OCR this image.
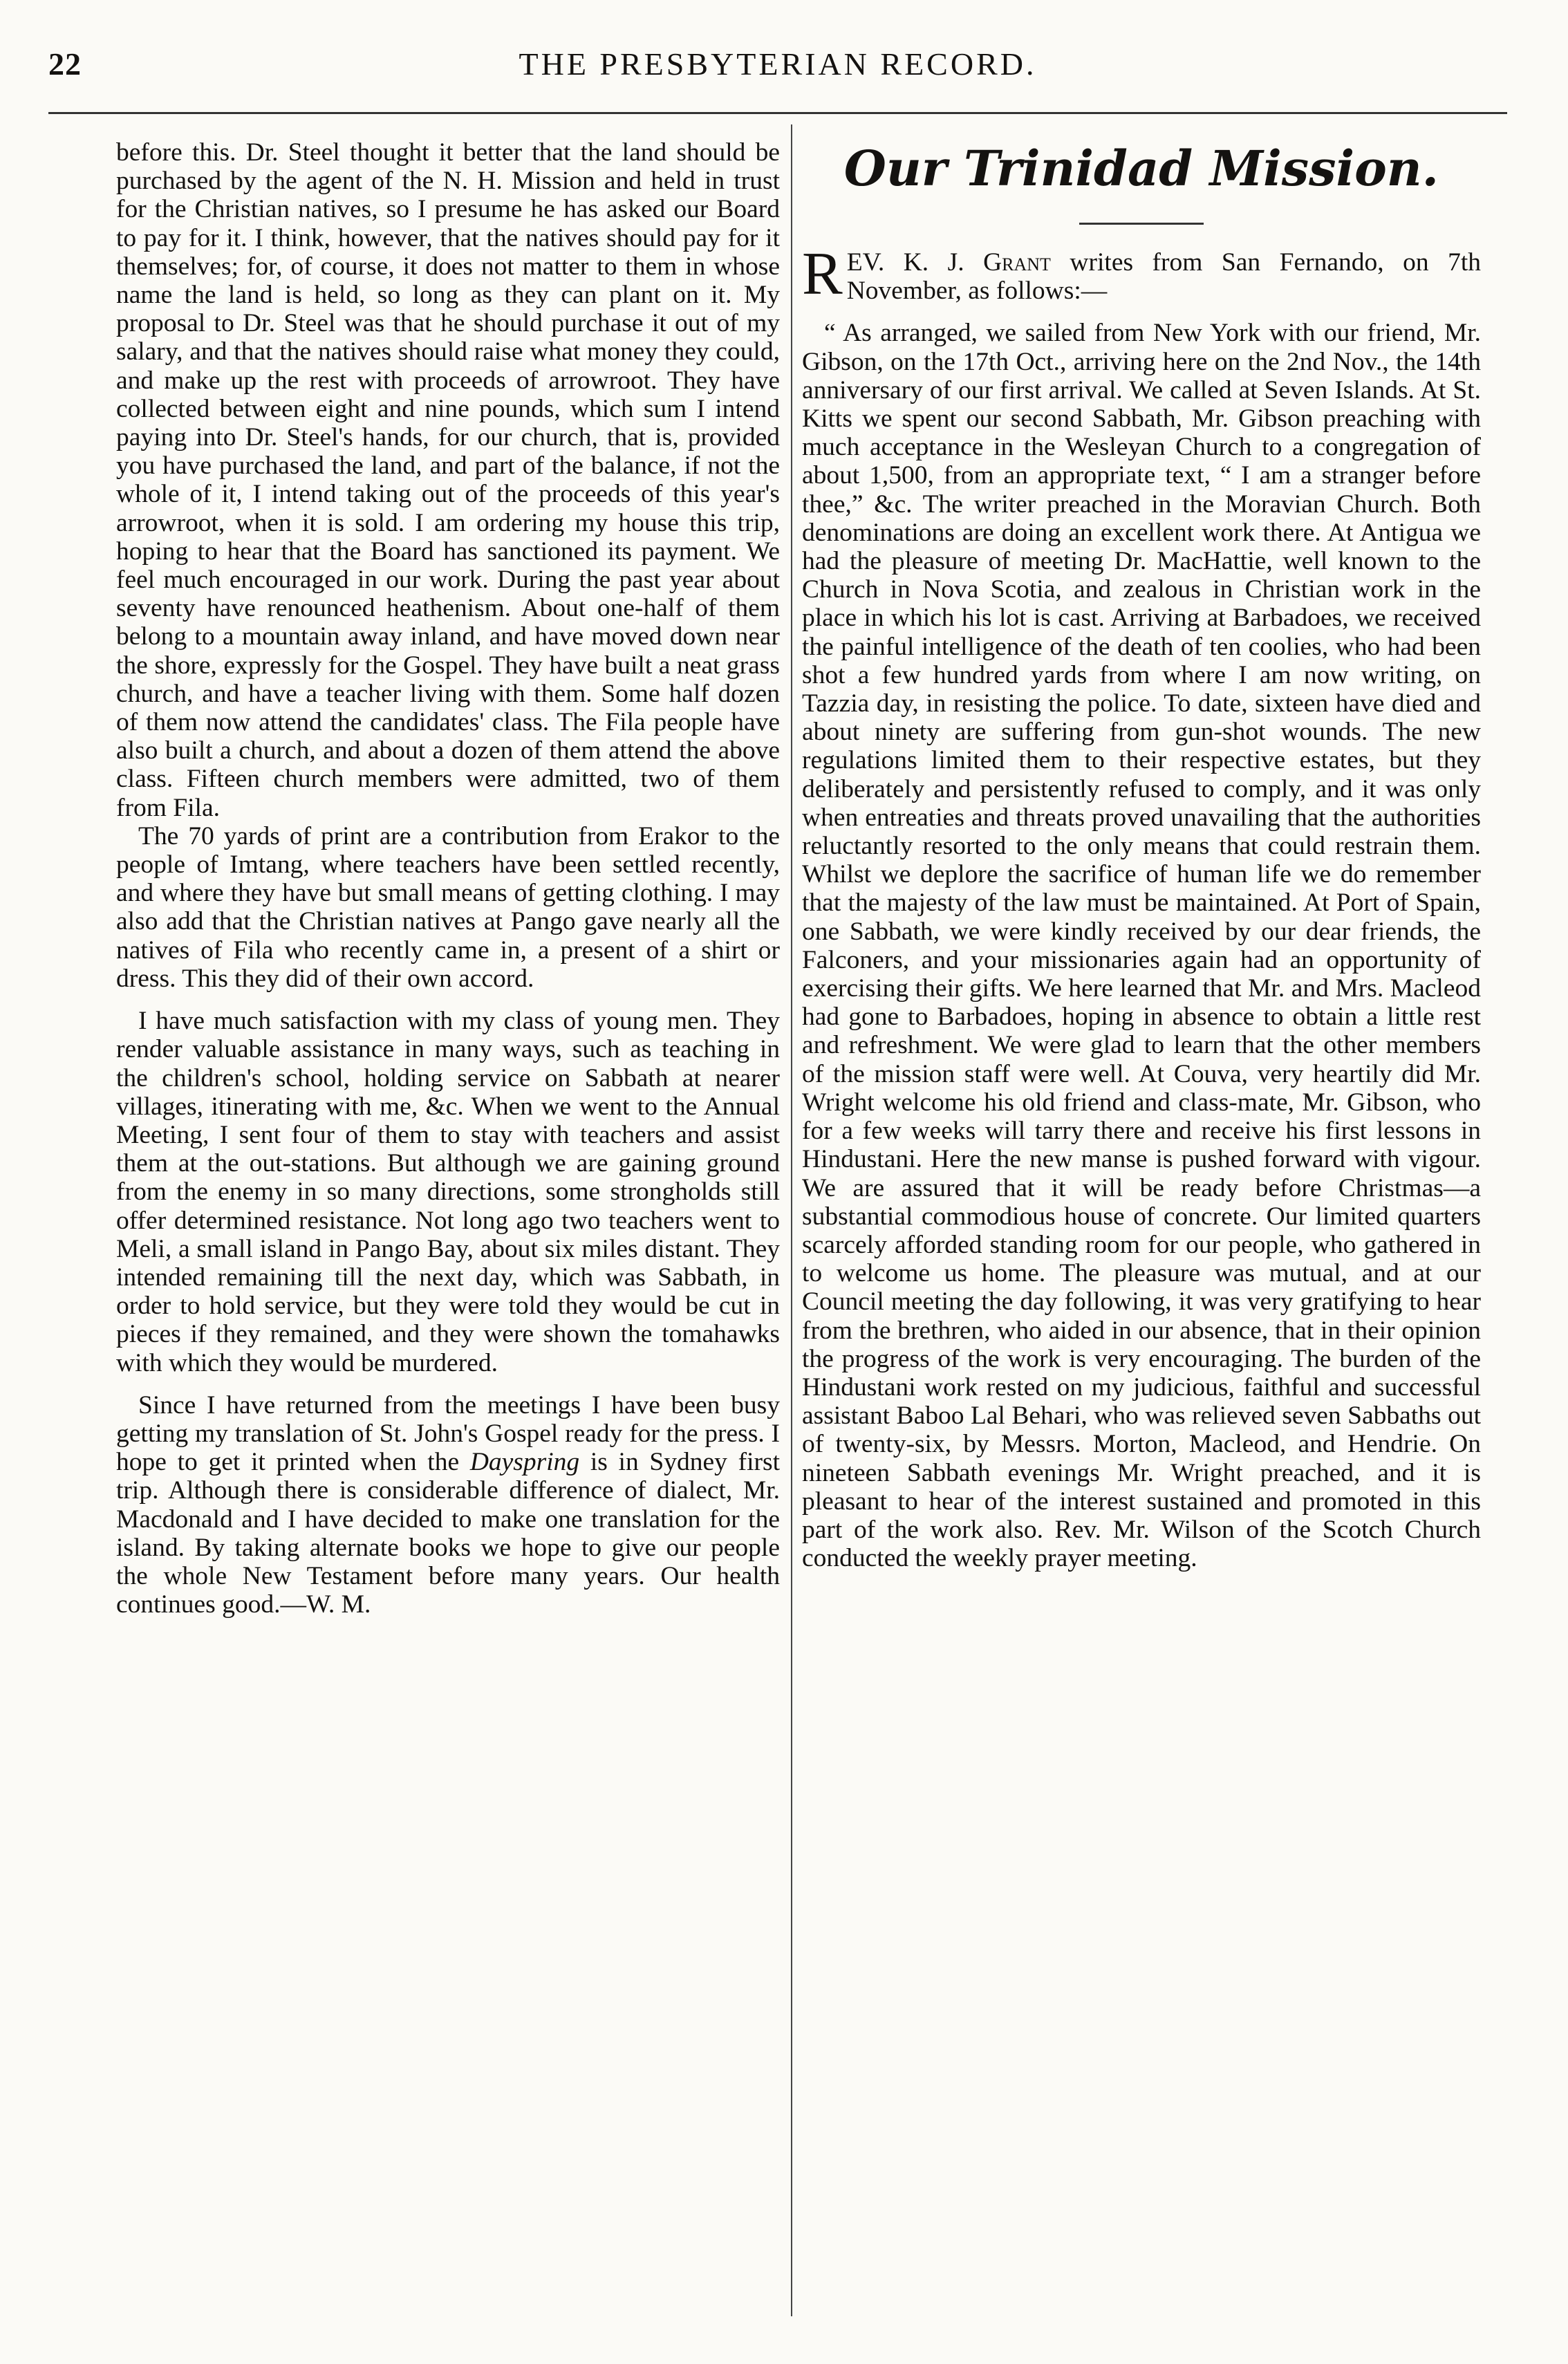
22	THE PRESBYTERIAN RECORD.

before this. Dr. Steel thought it better that the land should be purchased by the agent of the N. H. Mission and held in trust for the Christian natives, so I presume he has asked our Board to pay for it. I think, however, that the natives should pay for it themselves; for, of course, it does not matter to them in whose name the land is held, so long as they can plant on it. My proposal to Dr. Steel was that he should purchase it out of my salary, and that the natives should raise what money they could, and make up the rest with proceeds of arrowroot. They have collected between eight and nine pounds, which sum I intend paying into Dr. Steel's hands, for our church, that is, provided you have purchased the land, and part of the balance, if not the whole of it, I intend taking out of the proceeds of this year's arrowroot, when it is sold. I am ordering my house this trip, hoping to hear that the Board has sanctioned its payment. We feel much encouraged in our work. During the past year about seventy have renounced heathenism. About one-half of them belong to a mountain away inland, and have moved down near the shore, expressly for the Gospel. They have built a neat grass church, and have a teacher living with them. Some half dozen of them now attend the candidates' class. The Fila people have also built a church, and about a dozen of them attend the above class. Fifteen church members were admitted, two of them from Fila.

The 70 yards of print are a contribution from Erakor to the people of Imtang, where teachers have been settled recently, and where they have but small means of getting clothing. I may also add that the Christian natives at Pango gave nearly all the natives of Fila who recently came in, a present of a shirt or dress. This they did of their own accord.

I have much satisfaction with my class of young men. They render valuable assistance in many ways, such as teaching in the children's school, holding service on Sabbath at nearer villages, itinerating with me, &c. When we went to the Annual Meeting, I sent four of them to stay with teachers and assist them at the out-stations. But although we are gaining ground from the enemy in so many directions, some strongholds still offer determined resistance. Not long ago two teachers went to Meli, a small island in Pango Bay, about six miles distant. They intended remaining till the next day, which was Sabbath, in order to hold service, but they were told they would be cut in pieces if they remained, and they were shown the tomahawks with which they would be murdered.

Since I have returned from the meetings I have been busy getting my translation of St. John's Gospel ready for the press. I hope to get it printed when the Dayspring is in Sydney first trip. Although there is considerable difference of dialect, Mr. Macdonald and I have decided to make one translation for the island. By taking alternate books we hope to give our people the whole New Testament before many years. Our health continues good.—W. M.

Our Trinidad Mission.

REV. K. J. Grant writes from San Fernando, on 7th November, as follows:—

“ As arranged, we sailed from New York with our friend, Mr. Gibson, on the 17th Oct., arriving here on the 2nd Nov., the 14th anniversary of our first arrival. We called at Seven Islands. At St. Kitts we spent our second Sabbath, Mr. Gibson preaching with much acceptance in the Wesleyan Church to a congregation of about 1,500, from an appropriate text, “ I am a stranger before thee,” &c. The writer preached in the Moravian Church. Both denominations are doing an excellent work there. At Antigua we had the pleasure of meeting Dr. MacHattie, well known to the Church in Nova Scotia, and zealous in Christian work in the place in which his lot is cast. Arriving at Barbadoes, we received the painful intelligence of the death of ten coolies, who had been shot a few hundred yards from where I am now writing, on Tazzia day, in resisting the police. To date, sixteen have died and about ninety are suffering from gun-shot wounds. The new regulations limited them to their respective estates, but they deliberately and persistently refused to comply, and it was only when entreaties and threats proved unavailing that the authorities reluctantly resorted to the only means that could restrain them. Whilst we deplore the sacrifice of human life we do remember that the majesty of the law must be maintained. At Port of Spain, one Sabbath, we were kindly received by our dear friends, the Falconers, and your missionaries again had an opportunity of exercising their gifts. We here learned that Mr. and Mrs. Macleod had gone to Barbadoes, hoping in absence to obtain a little rest and refreshment. We were glad to learn that the other members of the mission staff were well. At Couva, very heartily did Mr. Wright welcome his old friend and class-mate, Mr. Gibson, who for a few weeks will tarry there and receive his first lessons in Hindustani. Here the new manse is pushed forward with vigour. We are assured that it will be ready before Christmas—a substantial commodious house of concrete. Our limited quarters scarcely afforded standing room for our people, who gathered in to welcome us home. The pleasure was mutual, and at our Council meeting the day following, it was very gratifying to hear from the brethren, who aided in our absence, that in their opinion the progress of the work is very encouraging. The burden of the Hindustani work rested on my judicious, faithful and successful assistant Baboo Lal Behari, who was relieved seven Sabbaths out of twenty-six, by Messrs. Morton, Macleod, and Hendrie. On nineteen Sabbath evenings Mr. Wright preached, and it is pleasant to hear of the interest sustained and promoted in this part of the work also. Rev. Mr. Wilson of the Scotch Church conducted the weekly prayer meeting.
